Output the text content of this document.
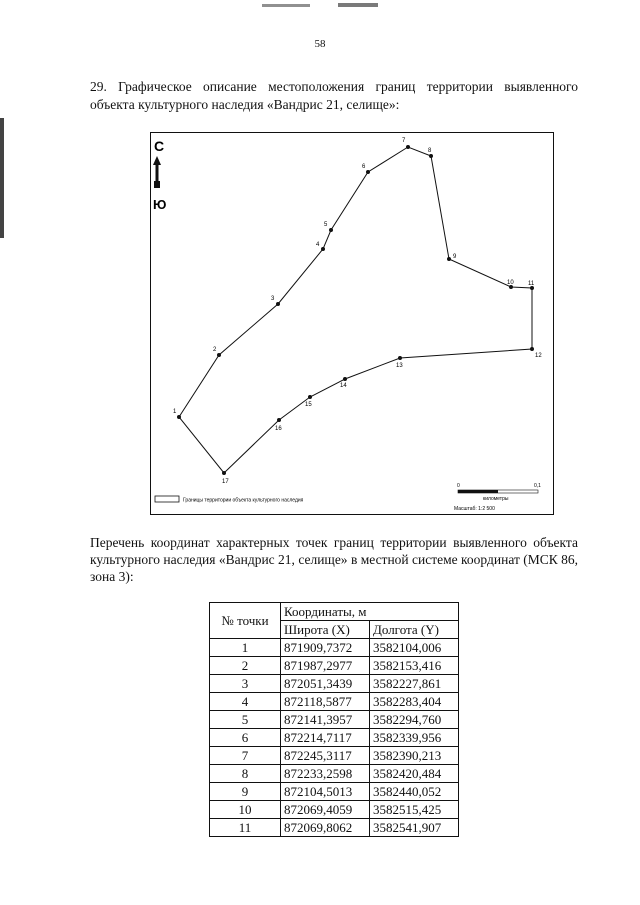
58
29. Графическое описание местоположения границ территории выявленного объекта культурного наследия «Вандрис 21, селище»:
С
Ю
1
2
3
4
5
6
7
8
9
10 11
12
13
14
15
16
17
Границы территории объекта культурного наследия
0	0,1
километры
Масштаб: 1:2 500
Перечень координат характерных точек границ территории выявленного объекта культурного наследия «Вандрис 21, селище» в местной системе координат (МСК 86, зона 3):
№ точки	Координаты, м	
	Широта (X)	Долгота (Y)
1	871909,7372	3582104,006
2	871987,2977	3582153,416
3	872051,3439	3582227,861
4	872118,5877	3582283,404
5	872141,3957	3582294,760
6	872214,7117	3582339,956
7	872245,3117	3582390,213
8	872233,2598	3582420,484
9	872104,5013	3582440,052
10	872069,4059	3582515,425
11	872069,8062	3582541,907
